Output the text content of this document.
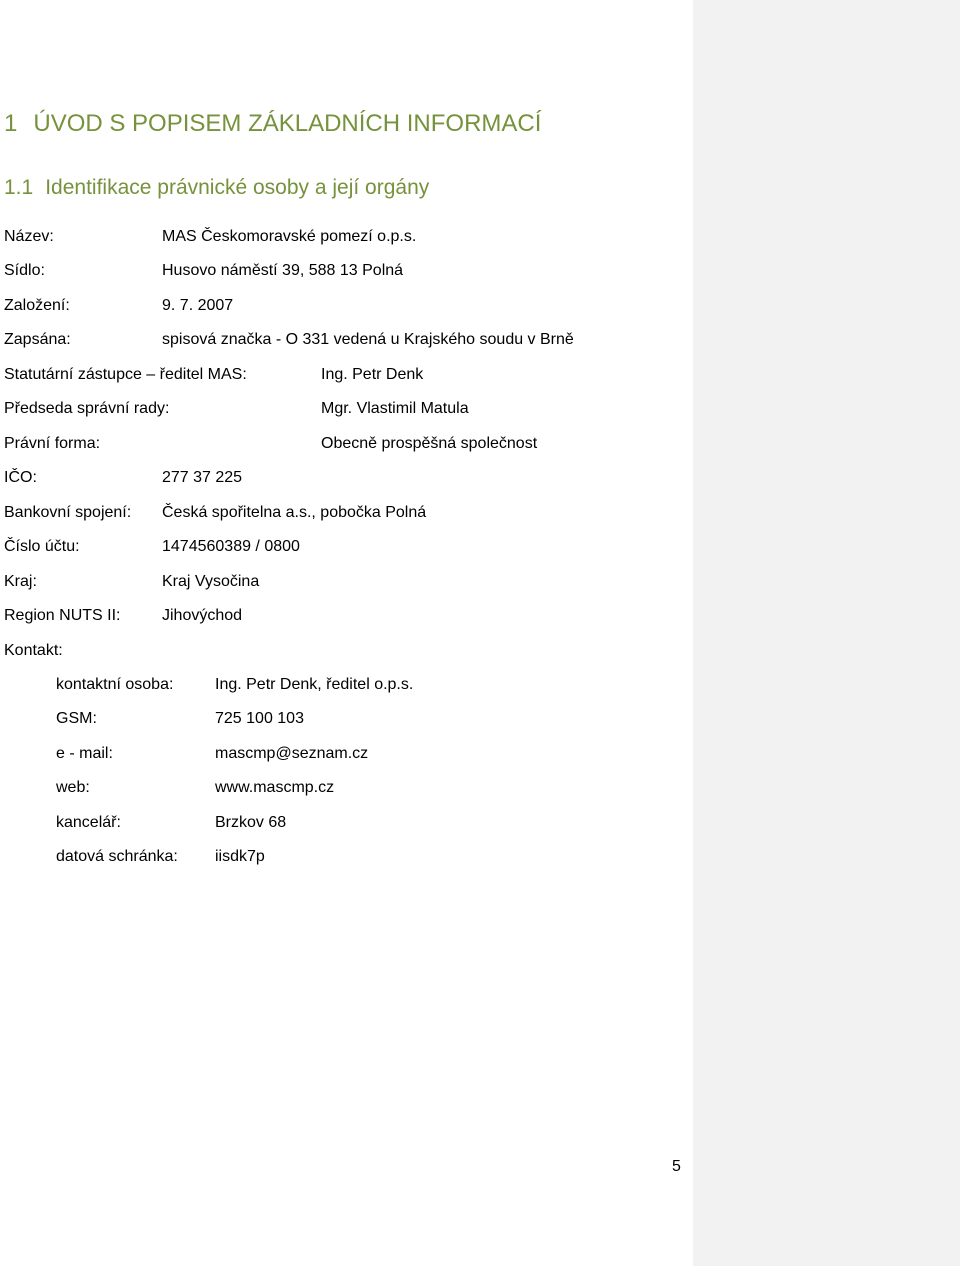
1 ÚVOD S POPISEM ZÁKLADNÍCH INFORMACÍ
1.1 Identifikace právnické osoby a její orgány
Název:	MAS Českomoravské pomezí o.p.s.
Sídlo:	Husovo náměstí 39, 588 13 Polná
Založení:	9. 7. 2007
Zapsána:	spisová značka - O 331 vedená u Krajského soudu v Brně
Statutární zástupce – ředitel MAS:	Ing. Petr Denk
Předseda správní rady:	Mgr. Vlastimil Matula
Právní forma:	Obecně prospěšná společnost
IČO:	277 37 225
Bankovní spojení: Česká spořitelna a.s., pobočka Polná
Číslo účtu:	1474560389 / 0800
Kraj:	Kraj Vysočina
Region NUTS II:	Jihovýchod
Kontakt:
kontaktní osoba:	Ing. Petr Denk, ředitel o.p.s.
GSM:	725 100 103
e - mail:	mascmp@seznam.cz
web:	www.mascmp.cz
kancelář:	Brzkov 68
datová schránka: iisdk7p
5
